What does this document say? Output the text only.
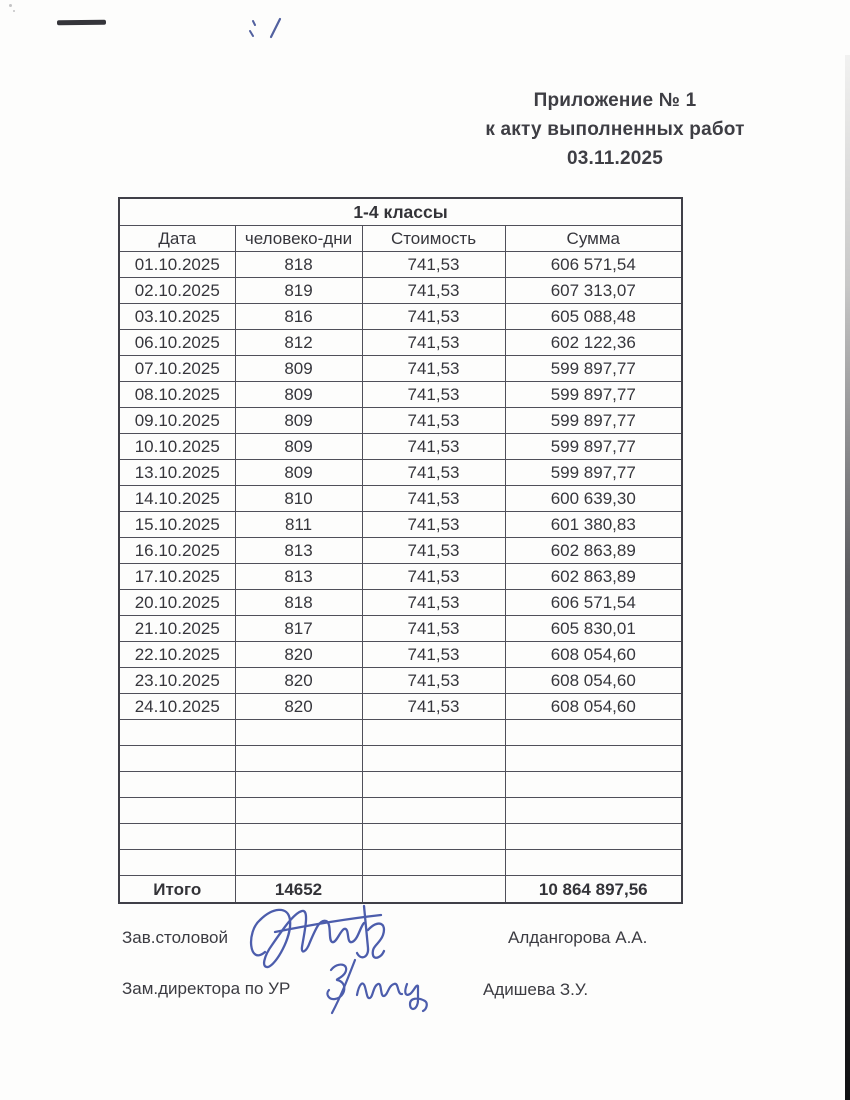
Приложение № 1
к акту выполненных работ
03.11.2025
1-4 классы			
Дата	человеко-дни	Стоимость	Сумма
01.10.2025	818	741,53	606 571,54
02.10.2025	819	741,53	607 313,07
03.10.2025	816	741,53	605 088,48
06.10.2025	812	741,53	602 122,36
07.10.2025	809	741,53	599 897,77
08.10.2025	809	741,53	599 897,77
09.10.2025	809	741,53	599 897,77
10.10.2025	809	741,53	599 897,77
13.10.2025	809	741,53	599 897,77
14.10.2025	810	741,53	600 639,30
15.10.2025	811	741,53	601 380,83
16.10.2025	813	741,53	602 863,89
17.10.2025	813	741,53	602 863,89
20.10.2025	818	741,53	606 571,54
21.10.2025	817	741,53	605 830,01
22.10.2025	820	741,53	608 054,60
23.10.2025	820	741,53	608 054,60
24.10.2025	820	741,53	608 054,60

Итого	14652		10 864 897,56
Зав.столовой	Алдангорова А.А.
Зам.директора по УР	Адишева З.У.
